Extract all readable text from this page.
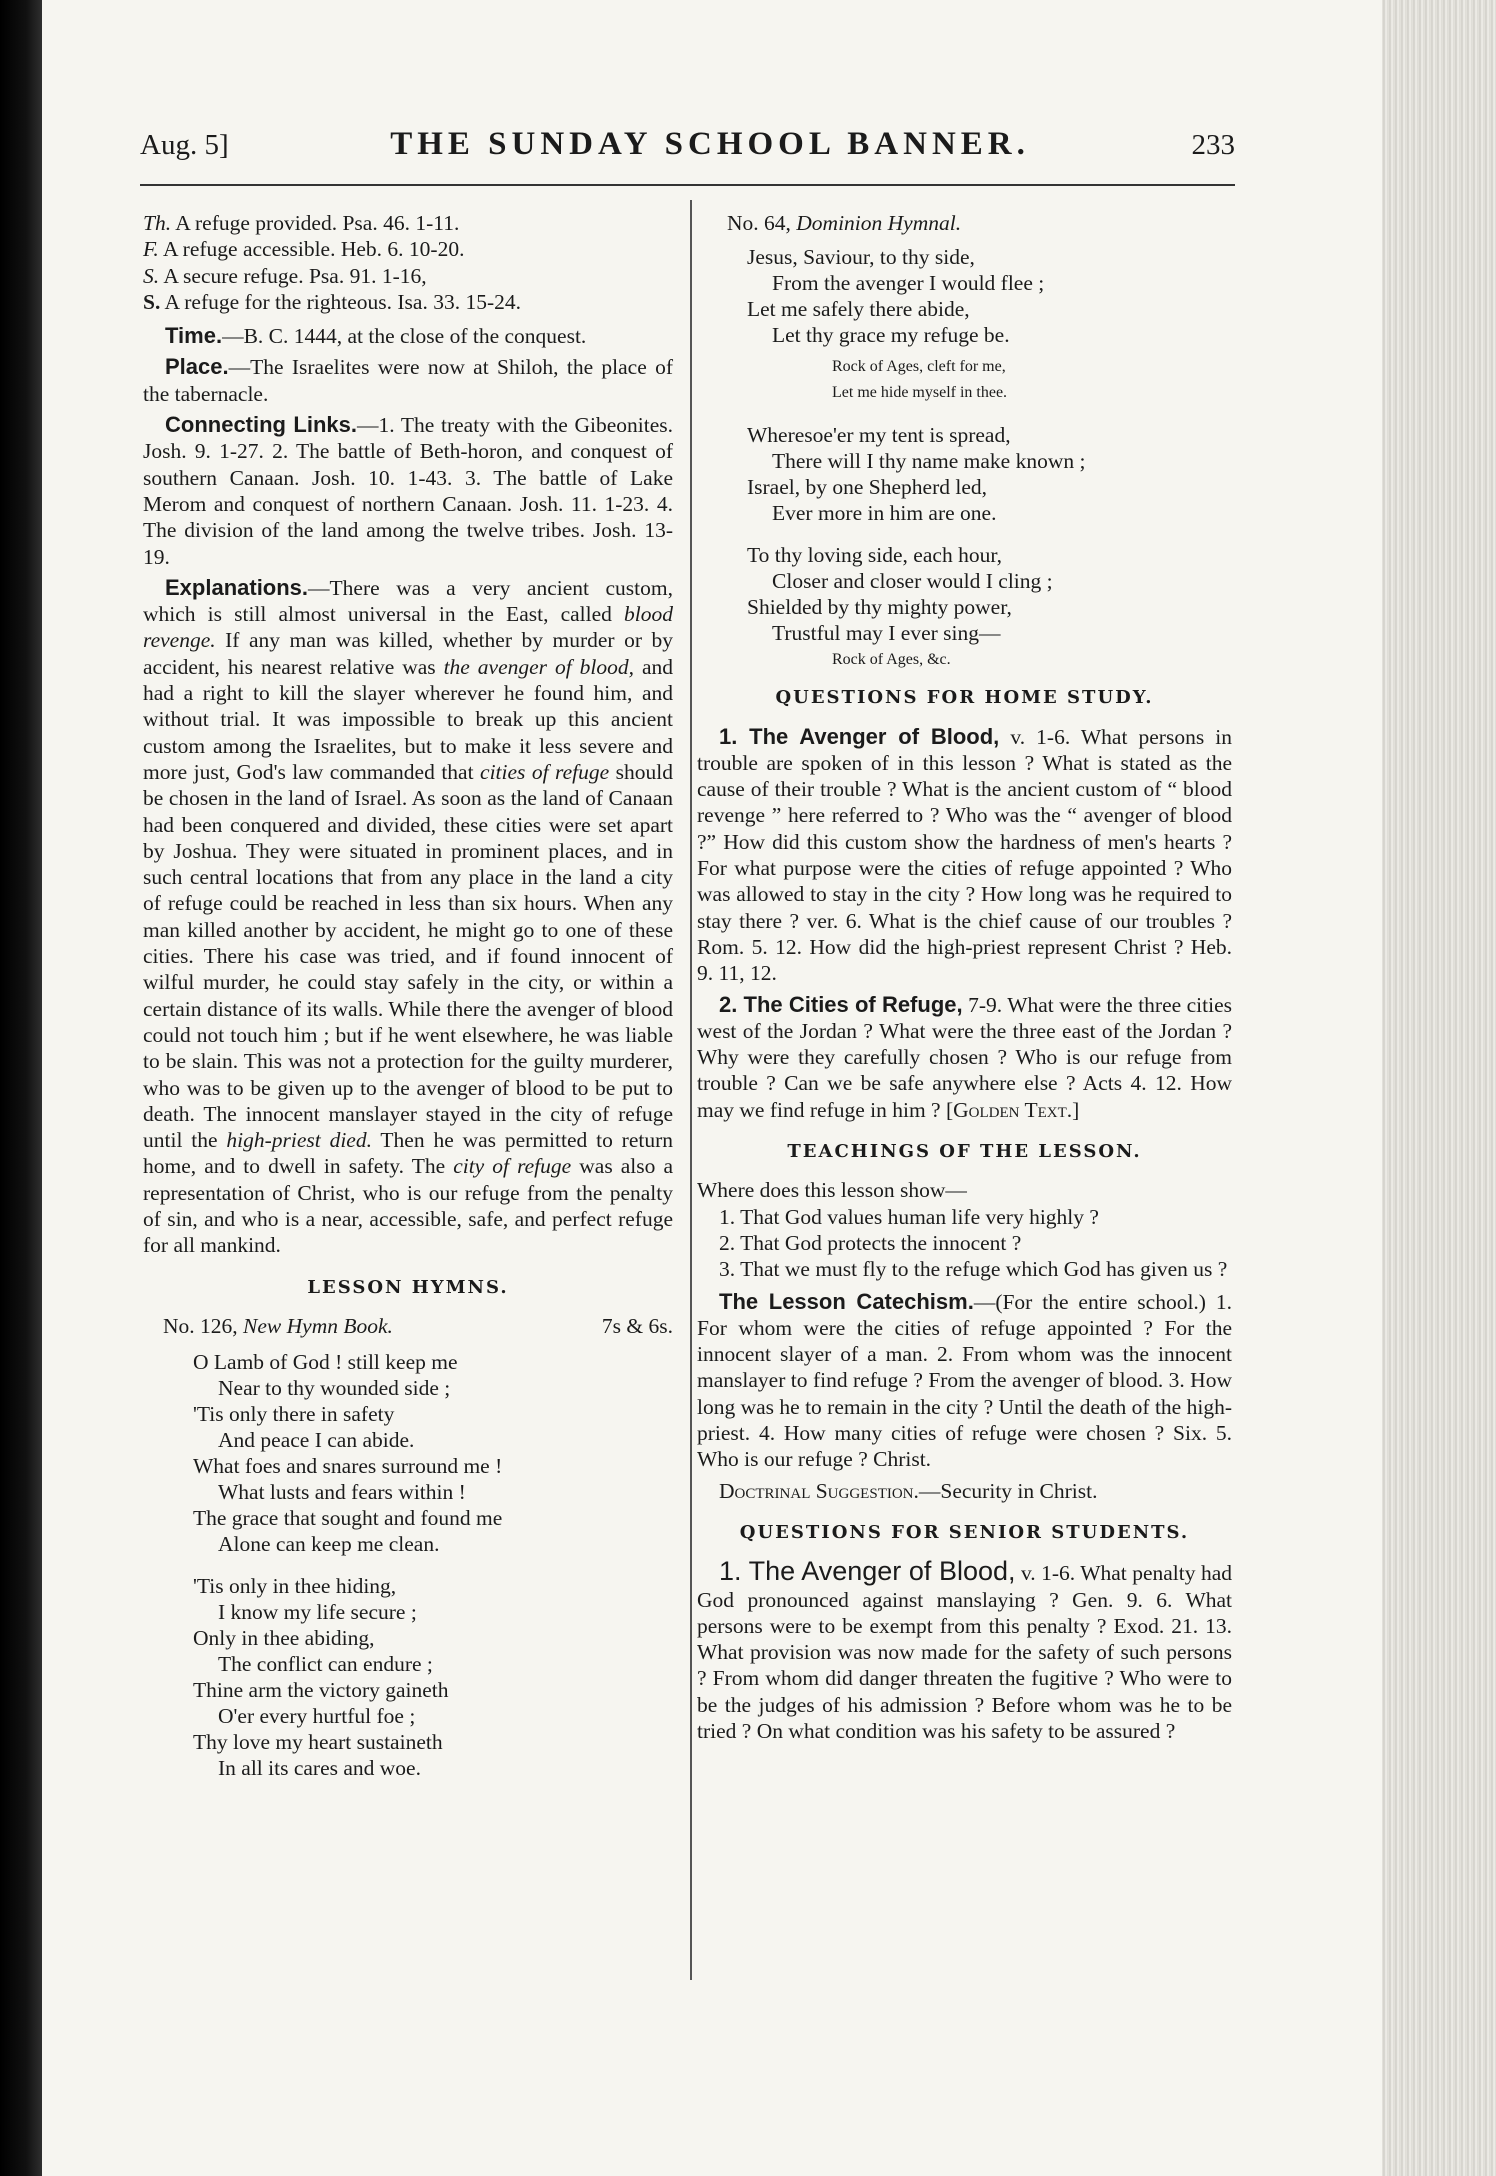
Aug. 5]	THE SUNDAY SCHOOL BANNER.	233
Th. A refuge provided. Psa. 46. 1-11.
F. A refuge accessible. Heb. 6. 10-20.
S. A secure refuge. Psa. 91. 1-16,
S. A refuge for the righteous. Isa. 33. 15-24.

Time.—B. C. 1444, at the close of the conquest.

Place.—The Israelites were now at Shiloh, the place of the tabernacle.

Connecting Links.—1. The treaty with the Gibeonites. Josh. 9. 1-27. 2. The battle of Beth-horon, and conquest of southern Canaan. Josh. 10. 1-43. 3. The battle of Lake Merom and conquest of northern Canaan. Josh. 11. 1-23. 4. The division of the land among the twelve tribes. Josh. 13-19.

Explanations.—There was a very ancient custom, which is still almost universal in the East, called blood revenge. If any man was killed, whether by murder or by accident, his nearest relative was the avenger of blood, and had a right to kill the slayer wherever he found him, and without trial. It was impossible to break up this ancient custom among the Israelites, but to make it less severe and more just, God's law commanded that cities of refuge should be chosen in the land of Israel. As soon as the land of Canaan had been conquered and divided, these cities were set apart by Joshua. They were situated in prominent places, and in such central locations that from any place in the land a city of refuge could be reached in less than six hours. When any man killed another by accident, he might go to one of these cities. There his case was tried, and if found innocent of wilful murder, he could stay safely in the city, or within a certain distance of its walls. While there the avenger of blood could not touch him ; but if he went elsewhere, he was liable to be slain. This was not a protection for the guilty murderer, who was to be given up to the avenger of blood to be put to death. The innocent manslayer stayed in the city of refuge until the high-priest died. Then he was permitted to return home, and to dwell in safety. The city of refuge was also a representation of Christ, who is our refuge from the penalty of sin, and who is a near, accessible, safe, and perfect refuge for all mankind.

LESSON HYMNS.
No. 126, New Hymn Book.	7s & 6s.
O Lamb of God ! still keep me
Near to thy wounded side ;
'Tis only there in safety
And peace I can abide.
What foes and snares surround me !
What lusts and fears within !
The grace that sought and found me
Alone can keep me clean.
'Tis only in thee hiding,
I know my life secure ;
Only in thee abiding,
The conflict can endure ;
Thine arm the victory gaineth
O'er every hurtful foe ;
Thy love my heart sustaineth
In all its cares and woe.
No. 64, Dominion Hymnal.
Jesus, Saviour, to thy side,
From the avenger I would flee ;
Let me safely there abide,
Let thy grace my refuge be.
Rock of Ages, cleft for me,
Let me hide myself in thee.
Wheresoe'er my tent is spread,
There will I thy name make known ;
Israel, by one Shepherd led,
Ever more in him are one.
To thy loving side, each hour,
Closer and closer would I cling ;
Shielded by thy mighty power,
Trustful may I ever sing—
Rock of Ages, &c.
QUESTIONS FOR HOME STUDY.

1. The Avenger of Blood, v. 1-6. What persons in trouble are spoken of in this lesson ? What is stated as the cause of their trouble ? What is the ancient custom of “ blood revenge ” here referred to ? Who was the “ avenger of blood ?” How did this custom show the hardness of men's hearts ? For what purpose were the cities of refuge appointed ? Who was allowed to stay in the city ? How long was he required to stay there ? ver. 6. What is the chief cause of our troubles ? Rom. 5. 12. How did the high-priest represent Christ ? Heb. 9. 11, 12.

2. The Cities of Refuge, 7-9. What were the three cities west of the Jordan ? What were the three east of the Jordan ? Why were they carefully chosen ? Who is our refuge from trouble ? Can we be safe anywhere else ? Acts 4. 12. How may we find refuge in him ? [Golden Text.]

TEACHINGS OF THE LESSON.
Where does this lesson show—
1. That God values human life very highly ?
2. That God protects the innocent ?
3. That we must fly to the refuge which God has given us ?

The Lesson Catechism.—(For the entire school.) 1. For whom were the cities of refuge appointed ? For the innocent slayer of a man. 2. From whom was the innocent manslayer to find refuge ? From the avenger of blood. 3. How long was he to remain in the city ? Until the death of the high-priest. 4. How many cities of refuge were chosen ? Six. 5. Who is our refuge ? Christ.

Doctrinal Suggestion.—Security in Christ.

QUESTIONS FOR SENIOR STUDENTS.

1. The Avenger of Blood, v. 1-6. What penalty had God pronounced against manslaying ? Gen. 9. 6. What persons were to be exempt from this penalty ? Exod. 21. 13. What provision was now made for the safety of such persons ? From whom did danger threaten the fugitive ? Who were to be the judges of his admission ? Before whom was he to be tried ? On what condition was his safety to be assured ?
